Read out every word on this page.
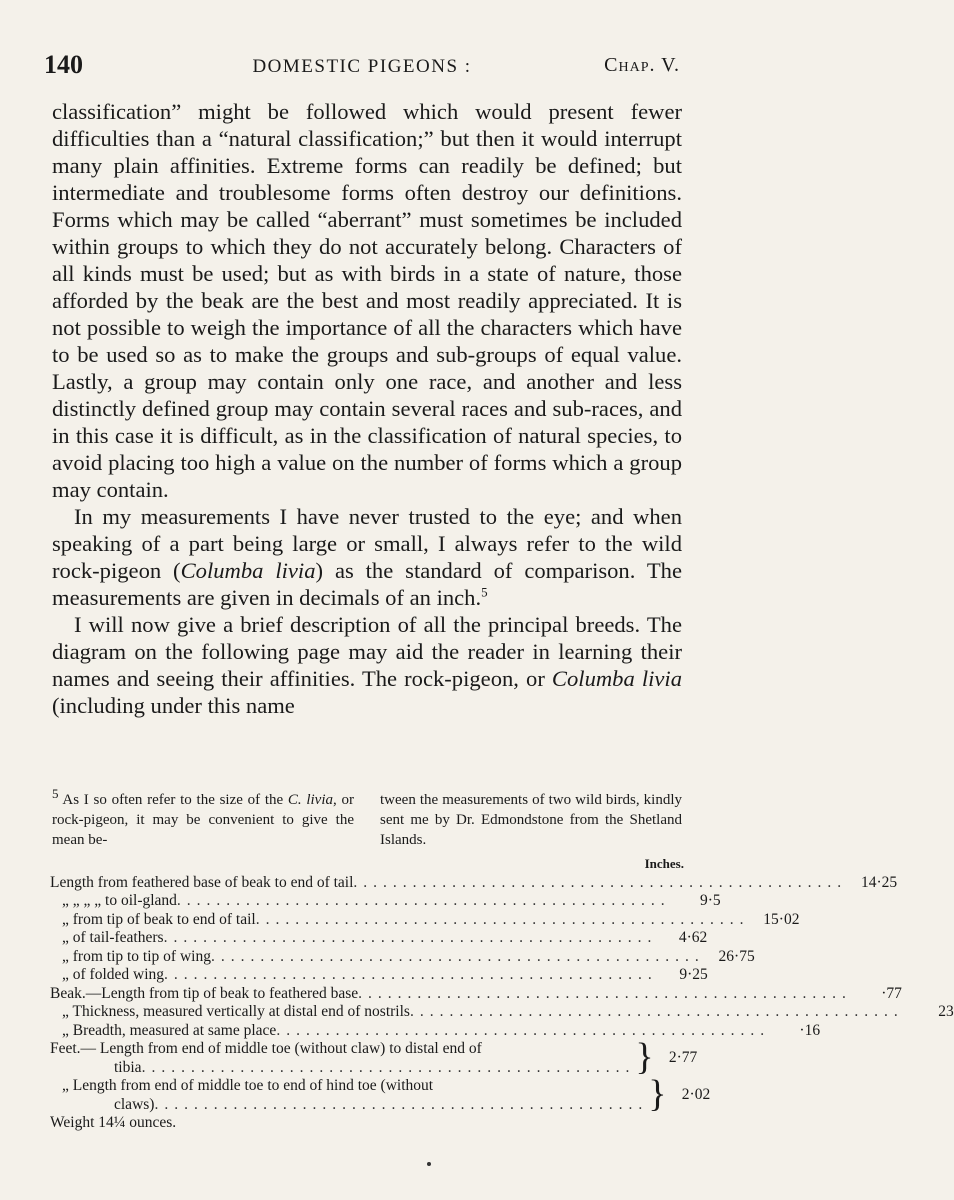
140	DOMESTIC PIGEONS :	Chap. V.

classification” might be followed which would present fewer difficulties than a “natural classification;” but then it would interrupt many plain affinities. Extreme forms can readily be defined; but intermediate and troublesome forms often destroy our definitions. Forms which may be called “aberrant” must sometimes be included within groups to which they do not accurately belong. Characters of all kinds must be used; but as with birds in a state of nature, those afforded by the beak are the best and most readily appreciated. It is not possible to weigh the importance of all the characters which have to be used so as to make the groups and sub-groups of equal value. Lastly, a group may contain only one race, and another and less distinctly defined group may contain several races and sub-races, and in this case it is difficult, as in the classification of natural species, to avoid placing too high a value on the number of forms which a group may contain.

In my measurements I have never trusted to the eye; and when speaking of a part being large or small, I always refer to the wild rock-pigeon (Columba livia) as the standard of comparison. The measurements are given in decimals of an inch.$^5$

I will now give a brief description of all the principal breeds. The diagram on the following page may aid the reader in learning their names and seeing their affinities. The rock-pigeon, or Columba livia (including under this name

$^5$ As I so often refer to the size of the C. livia, or rock-pigeon, it may be convenient to give the mean be-
tween the measurements of two wild birds, kindly sent me by Dr. Edmondstone from the Shetland Islands.
Inches.
Length from feathered base of beak to end of tail .................................................. 14·25
„ „ „ „ to oil-gland ..................................................	9·5
„ from tip of beak to end of tail .................................................. 15·02
„ of tail-feathers ..................................................	4·62
„ from tip to tip of wing .................................................. 26·75
„ of folded wing ..................................................	9·25
Beak.—Length from tip of beak to feathered base ..................................................	·77
„ Thickness, measured vertically at distal end of nostrils ..................................................	23
„ Breadth, measured at same place ..................................................	·16
Feet.— Length from end of middle toe (without claw) to distal end of
tibia .................................................. } 2·77
„ Length from end of middle toe to end of hind toe (without
claws) .................................................. } 2·02
Weight 14¼ ounces.
